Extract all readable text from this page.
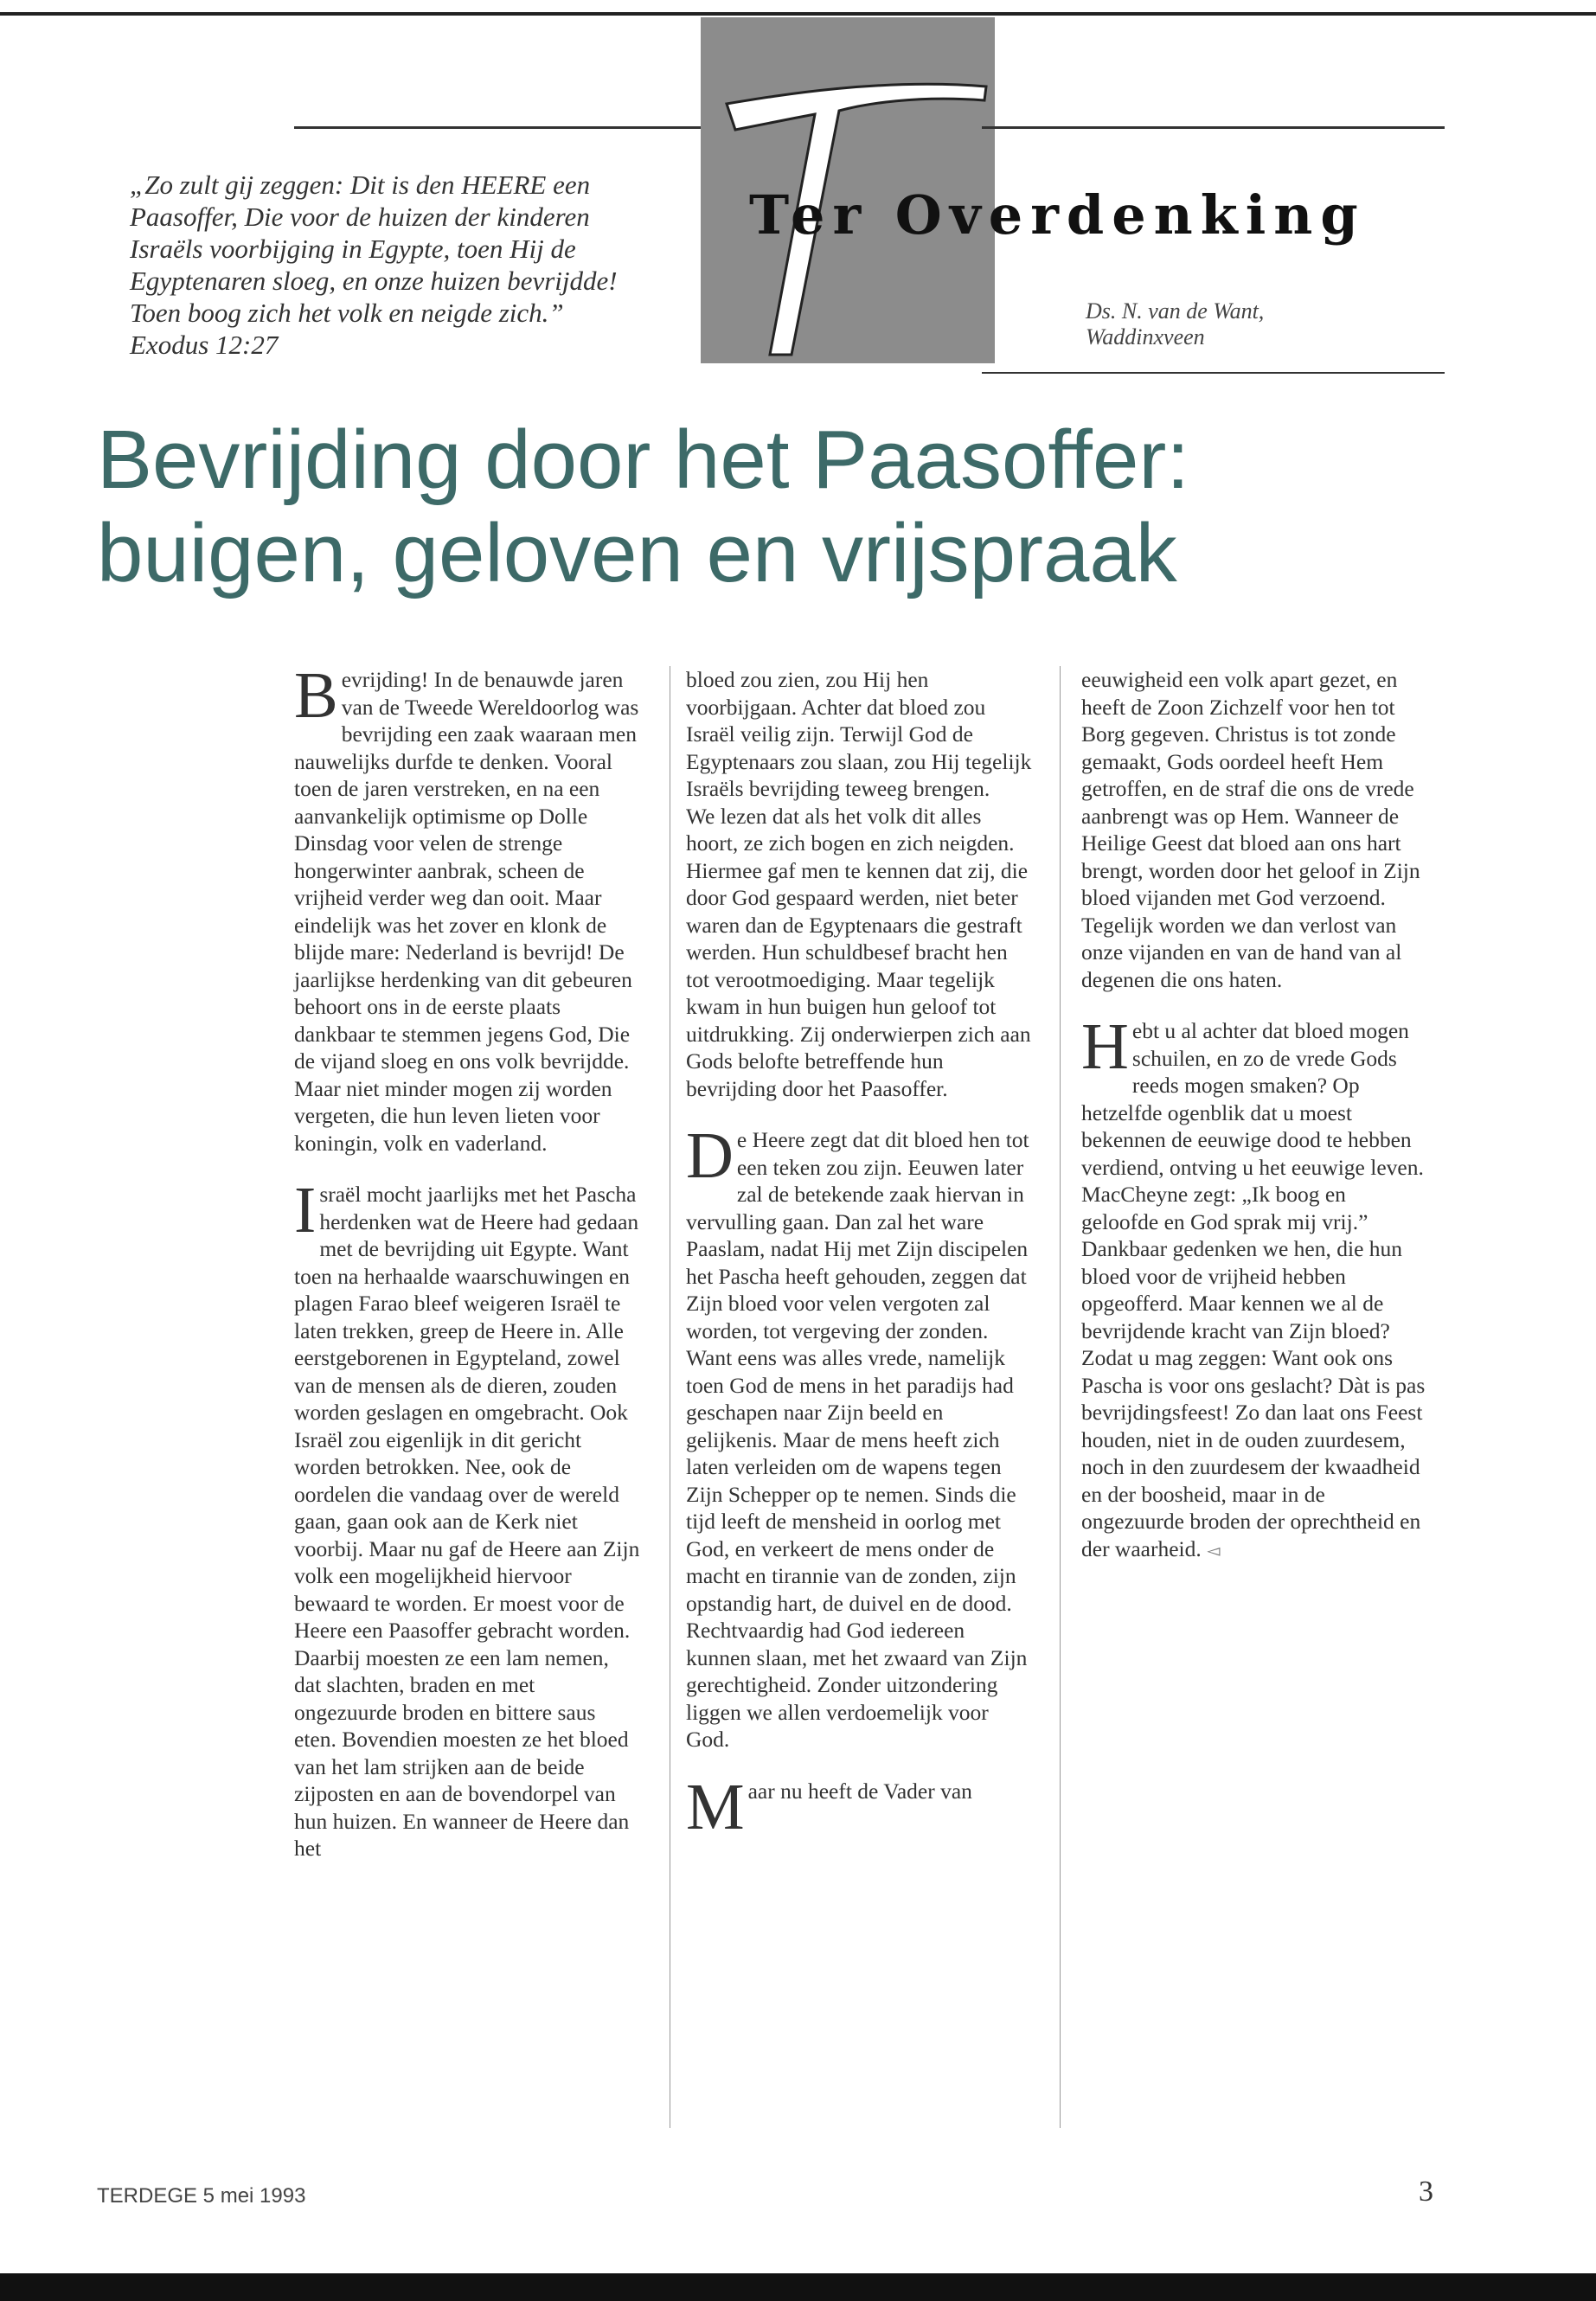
„Zo zult gij zeggen: Dit is den HEERE een Paasoffer, Die voor de huizen der kinderen Israëls voorbijging in Egypte, toen Hij de Egyptenaren sloeg, en onze huizen bevrijdde! Toen boog zich het volk en neigde zich.” Exodus 12:27
Ter Overdenking
Ds. N. van de Want,
Waddinxveen
Bevrijding door het Paasoffer:
buigen, geloven en vrijspraak

Bevrijding! In de benauwde jaren van de Tweede Wereldoorlog was bevrijding een zaak waaraan men nauwelijks durfde te denken. Vooral toen de jaren verstreken, en na een aanvankelijk optimisme op Dolle Dinsdag voor velen de strenge hongerwinter aanbrak, scheen de vrijheid verder weg dan ooit. Maar eindelijk was het zover en klonk de blijde mare: Nederland is bevrijd! De jaarlijkse herdenking van dit gebeuren behoort ons in de eerste plaats dankbaar te stemmen jegens God, Die de vijand sloeg en ons volk bevrijdde. Maar niet minder mogen zij worden vergeten, die hun leven lieten voor koningin, volk en vaderland.

Israël mocht jaarlijks met het Pascha herdenken wat de Heere had gedaan met de bevrijding uit Egypte. Want toen na herhaalde waarschuwingen en plagen Farao bleef weigeren Israël te laten trekken, greep de Heere in. Alle eerstgeborenen in Egypteland, zowel van de mensen als de dieren, zouden worden geslagen en omgebracht. Ook Israël zou eigenlijk in dit gericht worden betrokken. Nee, ook de oordelen die vandaag over de wereld gaan, gaan ook aan de Kerk niet voorbij. Maar nu gaf de Heere aan Zijn volk een mogelijkheid hiervoor bewaard te worden. Er moest voor de Heere een Paasoffer gebracht worden. Daarbij moesten ze een lam nemen, dat slachten, braden en met ongezuurde broden en bittere saus eten. Bovendien moesten ze het bloed van het lam strijken aan de beide zijposten en aan de bovendorpel van hun huizen. En wanneer de Heere dan het

bloed zou zien, zou Hij hen voorbijgaan. Achter dat bloed zou Israël veilig zijn. Terwijl God de Egyptenaars zou slaan, zou Hij tegelijk Israëls bevrijding teweeg brengen.

We lezen dat als het volk dit alles hoort, ze zich bogen en zich neigden. Hiermee gaf men te kennen dat zij, die door God gespaard werden, niet beter waren dan de Egyptenaars die gestraft werden. Hun schuldbesef bracht hen tot verootmoediging. Maar tegelijk kwam in hun buigen hun geloof tot uitdrukking. Zij onderwierpen zich aan Gods belofte betreffende hun bevrijding door het Paasoffer.

De Heere zegt dat dit bloed hen tot een teken zou zijn. Eeuwen later zal de betekende zaak hiervan in vervulling gaan. Dan zal het ware Paaslam, nadat Hij met Zijn discipelen het Pascha heeft gehouden, zeggen dat Zijn bloed voor velen vergoten zal worden, tot vergeving der zonden.

Want eens was alles vrede, namelijk toen God de mens in het paradijs had geschapen naar Zijn beeld en gelijkenis. Maar de mens heeft zich laten verleiden om de wapens tegen Zijn Schepper op te nemen. Sinds die tijd leeft de mensheid in oorlog met God, en verkeert de mens onder de macht en tirannie van de zonden, zijn opstandig hart, de duivel en de dood. Rechtvaardig had God iedereen kunnen slaan, met het zwaard van Zijn gerechtigheid. Zonder uitzondering liggen we allen verdoemelijk voor God.

Maar nu heeft de Vader van

eeuwigheid een volk apart gezet, en heeft de Zoon Zichzelf voor hen tot Borg gegeven. Christus is tot zonde gemaakt, Gods oordeel heeft Hem getroffen, en de straf die ons de vrede aanbrengt was op Hem. Wanneer de Heilige Geest dat bloed aan ons hart brengt, worden door het geloof in Zijn bloed vijanden met God verzoend. Tegelijk worden we dan verlost van onze vijanden en van de hand van al degenen die ons haten.

Hebt u al achter dat bloed mogen schuilen, en zo de vrede Gods reeds mogen smaken? Op hetzelfde ogenblik dat u moest bekennen de eeuwige dood te hebben verdiend, ontving u het eeuwige leven. MacCheyne zegt: „Ik boog en geloofde en God sprak mij vrij.”

Dankbaar gedenken we hen, die hun bloed voor de vrijheid hebben opgeofferd. Maar kennen we al de bevrijdende kracht van Zijn bloed? Zodat u mag zeggen: Want ook ons Pascha is voor ons geslacht? Dàt is pas bevrijdingsfeest! Zo dan laat ons Feest houden, niet in de ouden zuurdesem, noch in den zuurdesem der kwaadheid en der boosheid, maar in de ongezuurde broden der oprechtheid en der waarheid. ◅

TERDEGE 5 mei 1993	3
